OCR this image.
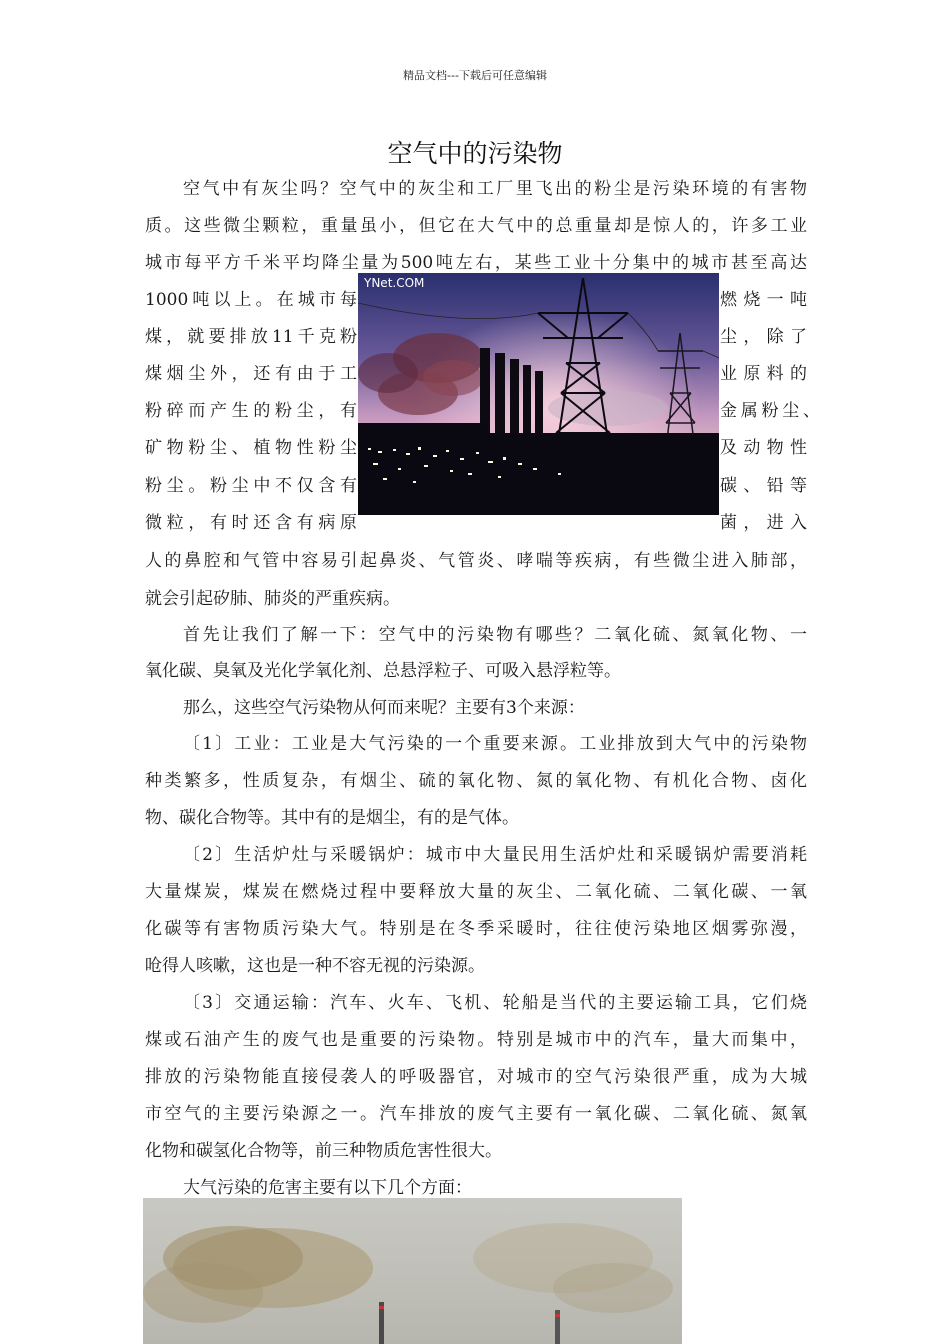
精品文档---下载后可任意编辑
空气中的污染物
空气中有灰尘吗？空气中的灰尘和工厂里飞出的粉尘是污染环境的有害物
质。这些微尘颗粒，重量虽小，但它在大气中的总重量却是惊人的，许多工业
城市每平方千米平均降尘量为500吨左右，某些工业十分集中的城市甚至高达
1000吨以上。在城市每	燃烧一吨
煤，就要排放11千克粉	尘，除了
煤烟尘外，还有由于工	业原料的
粉碎而产生的粉尘，有	金属粉尘、
矿物粉尘、植物性粉尘	及动物性
粉尘。粉尘中不仅含有	碳、铅等
微粒，有时还含有病原	菌，进入
人的鼻腔和气管中容易引起鼻炎、气管炎、哮喘等疾病，有些微尘进入肺部，
就会引起矽肺、肺炎的严重疾病。
首先让我们了解一下：空气中的污染物有哪些？二氧化硫、氮氧化物、一
氧化碳、臭氧及光化学氧化剂、总悬浮粒子、可吸入悬浮粒等。
那么，这些空气污染物从何而来呢？主要有3个来源：
〔1〕工业：工业是大气污染的一个重要来源。工业排放到大气中的污染物
种类繁多，性质复杂，有烟尘、硫的氧化物、氮的氧化物、有机化合物、卤化
物、碳化合物等。其中有的是烟尘，有的是气体。
〔2〕生活炉灶与采暖锅炉：城市中大量民用生活炉灶和采暖锅炉需要消耗
大量煤炭，煤炭在燃烧过程中要释放大量的灰尘、二氧化硫、二氧化碳、一氧
化碳等有害物质污染大气。特别是在冬季采暖时，往往使污染地区烟雾弥漫，
呛得人咳嗽，这也是一种不容无视的污染源。
〔3〕交通运输：汽车、火车、飞机、轮船是当代的主要运输工具，它们烧
煤或石油产生的废气也是重要的污染物。特别是城市中的汽车，量大而集中，
排放的污染物能直接侵袭人的呼吸器官，对城市的空气污染很严重，成为大城
市空气的主要污染源之一。汽车排放的废气主要有一氧化碳、二氧化硫、氮氧
化物和碳氢化合物等，前三种物质危害性很大。
大气污染的危害主要有以下几个方面：
YNet.COM
